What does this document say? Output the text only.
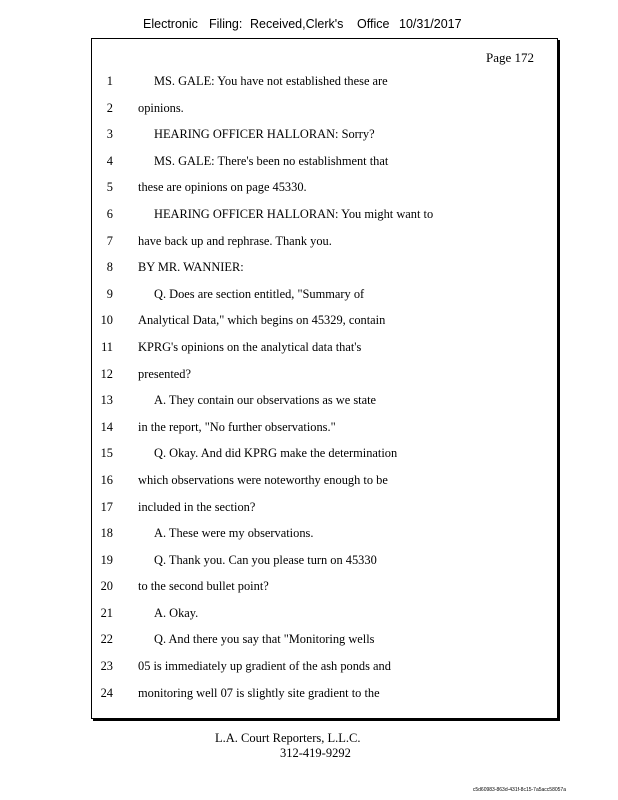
Electronic Filing: Received,Clerk's Office 10/31/2017
Page 172
1	MS. GALE: You have not established these are
2 opinions.
3	HEARING OFFICER HALLORAN: Sorry?
4	MS. GALE: There's been no establishment that
5 these are opinions on page 45330.
6	HEARING OFFICER HALLORAN: You might want to
7 have back up and rephrase. Thank you.
8 BY MR. WANNIER:
9	Q. Does are section entitled, "Summary of
10 Analytical Data," which begins on 45329, contain
11 KPRG's opinions on the analytical data that's
12 presented?
13	A. They contain our observations as we state
14 in the report, "No further observations."
15	Q. Okay. And did KPRG make the determination
16 which observations were noteworthy enough to be
17 included in the section?
18	A. These were my observations.
19	Q. Thank you. Can you please turn on 45330
20 to the second bullet point?
21	A. Okay.
22	Q. And there you say that "Monitoring wells
23 05 is immediately up gradient of the ash ponds and
24 monitoring well 07 is slightly site gradient to the
L.A. Court Reporters, L.L.C.
312-419-9292
c5d60983-863d-431f-8c15-7a5acc58057a
